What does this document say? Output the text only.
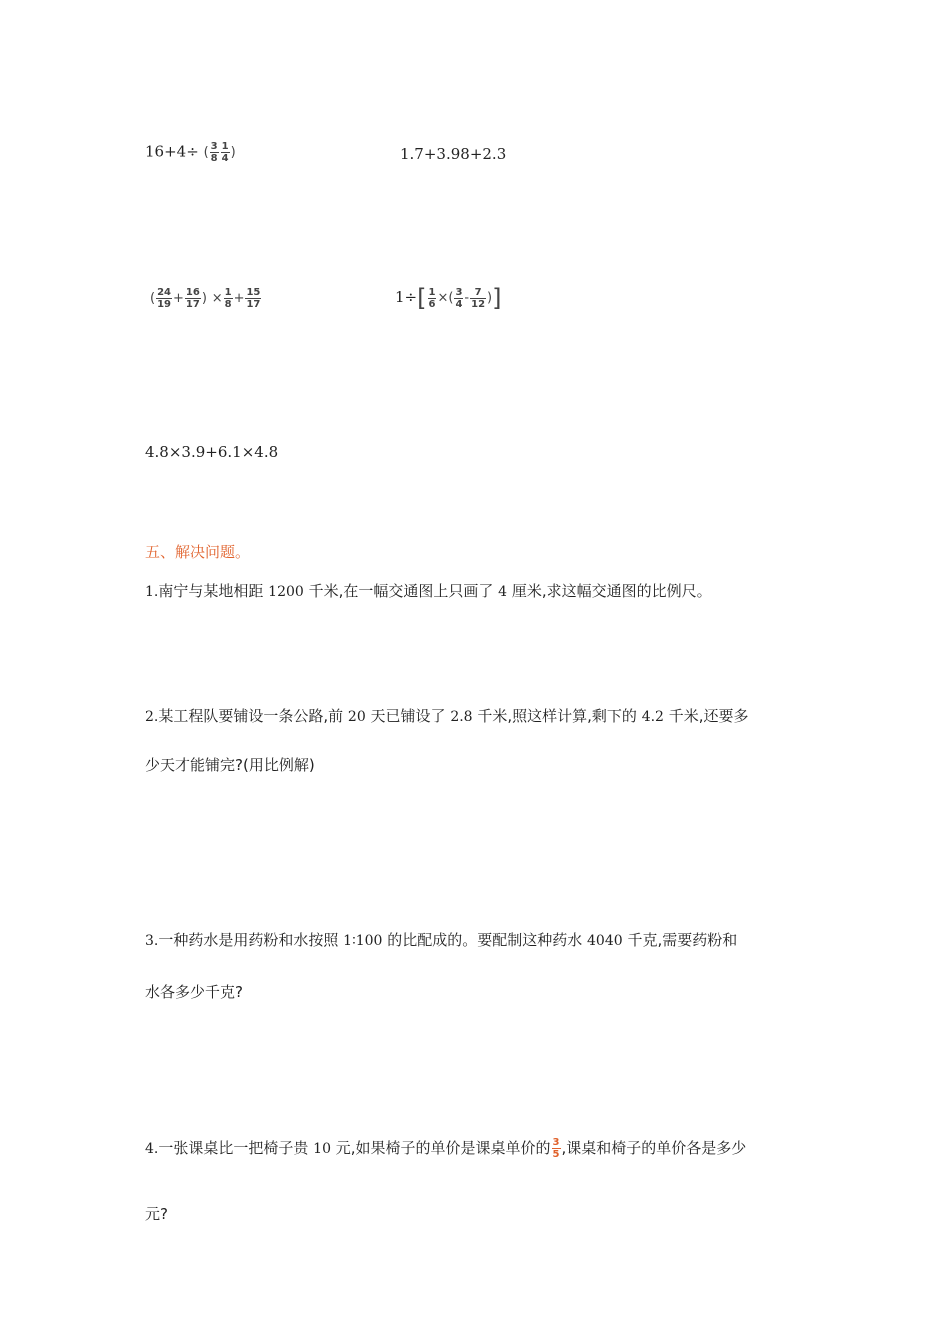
16+4÷ ( $\frac{3}{8} \frac{1}{4}$ )	1.7+3.98+2.3
( $\frac{24}{19} + \frac{16}{17}$ ) × $\frac{1}{8} + \frac{15}{17}$	$1\div[ \frac{1}{6}$ ×( $\frac{3}{4} - \frac{7}{12}$ )]
4.8×3.9+6.1×4.8
五、解决问题。
1.南宁与某地相距 1200 千米,在一幅交通图上只画了 4 厘米,求这幅交通图的比例尺。
2.某工程队要铺设一条公路,前 20 天已铺设了 2.8 千米,照这样计算,剩下的 4.2 千米,还要多
少天才能铺完?(用比例解)
3.一种药水是用药粉和水按照 1∶100 的比配成的。要配制这种药水 4040 千克,需要药粉和
水各多少千克?
4.一张课桌比一把椅子贵 10 元,如果椅子的单价是课桌单价的 $\frac{3}{5}$ ,课桌和椅子的单价各是多少
元?
